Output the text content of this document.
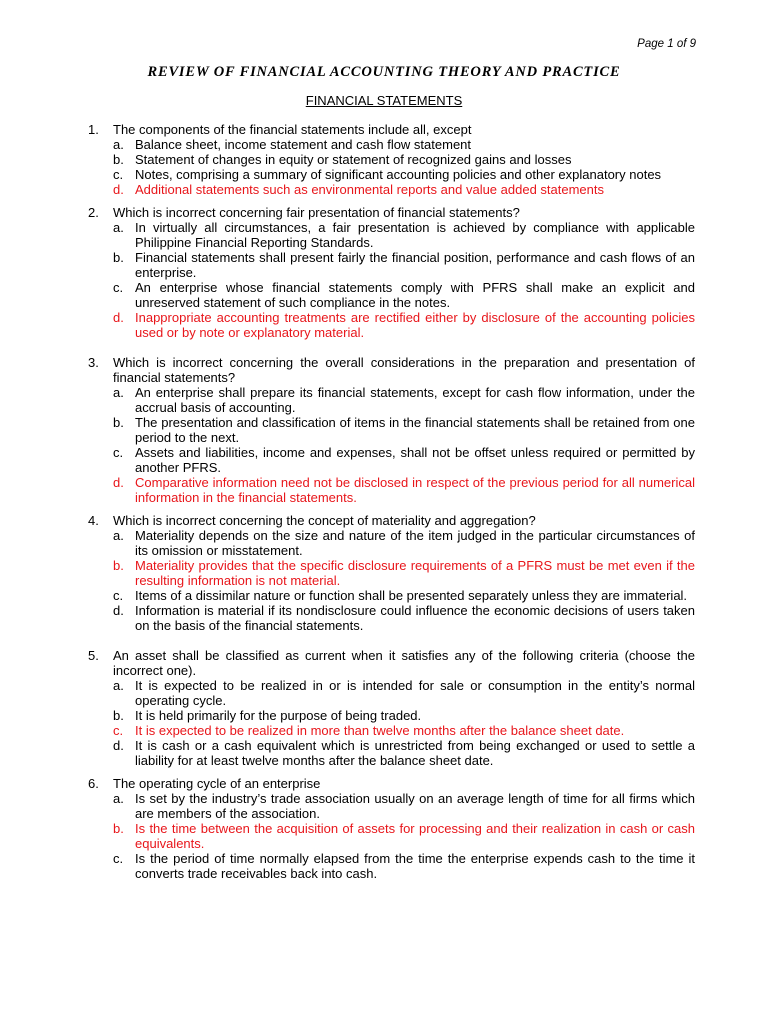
Page 1 of 9
REVIEW OF FINANCIAL ACCOUNTING THEORY AND PRACTICE
FINANCIAL STATEMENTS
1. The components of the financial statements include all, except
a. Balance sheet, income statement and cash flow statement
b. Statement of changes in equity or statement of recognized gains and losses
c. Notes, comprising a summary of significant accounting policies and other explanatory notes
d. Additional statements such as environmental reports and value added statements
2. Which is incorrect concerning fair presentation of financial statements?
a. In virtually all circumstances, a fair presentation is achieved by compliance with applicable Philippine Financial Reporting Standards.
b. Financial statements shall present fairly the financial position, performance and cash flows of an enterprise.
c. An enterprise whose financial statements comply with PFRS shall make an explicit and unreserved statement of such compliance in the notes.
d. Inappropriate accounting treatments are rectified either by disclosure of the accounting policies used or by note or explanatory material.
3. Which is incorrect concerning the overall considerations in the preparation and presentation of financial statements?
a. An enterprise shall prepare its financial statements, except for cash flow information, under the accrual basis of accounting.
b. The presentation and classification of items in the financial statements shall be retained from one period to the next.
c. Assets and liabilities, income and expenses, shall not be offset unless required or permitted by another PFRS.
d. Comparative information need not be disclosed in respect of the previous period for all numerical information in the financial statements.
4. Which is incorrect concerning the concept of materiality and aggregation?
a. Materiality depends on the size and nature of the item judged in the particular circumstances of its omission or misstatement.
b. Materiality provides that the specific disclosure requirements of a PFRS must be met even if the resulting information is not material.
c. Items of a dissimilar nature or function shall be presented separately unless they are immaterial.
d. Information is material if its nondisclosure could influence the economic decisions of users taken on the basis of the financial statements.
5. An asset shall be classified as current when it satisfies any of the following criteria (choose the incorrect one).
a. It is expected to be realized in or is intended for sale or consumption in the entity’s normal operating cycle.
b. It is held primarily for the purpose of being traded.
c. It is expected to be realized in more than twelve months after the balance sheet date.
d. It is cash or a cash equivalent which is unrestricted from being exchanged or used to settle a liability for at least twelve months after the balance sheet date.
6. The operating cycle of an enterprise
a. Is set by the industry’s trade association usually on an average length of time for all firms which are members of the association.
b. Is the time between the acquisition of assets for processing and their realization in cash or cash equivalents.
c. Is the period of time normally elapsed from the time the enterprise expends cash to the time it converts trade receivables back into cash.
